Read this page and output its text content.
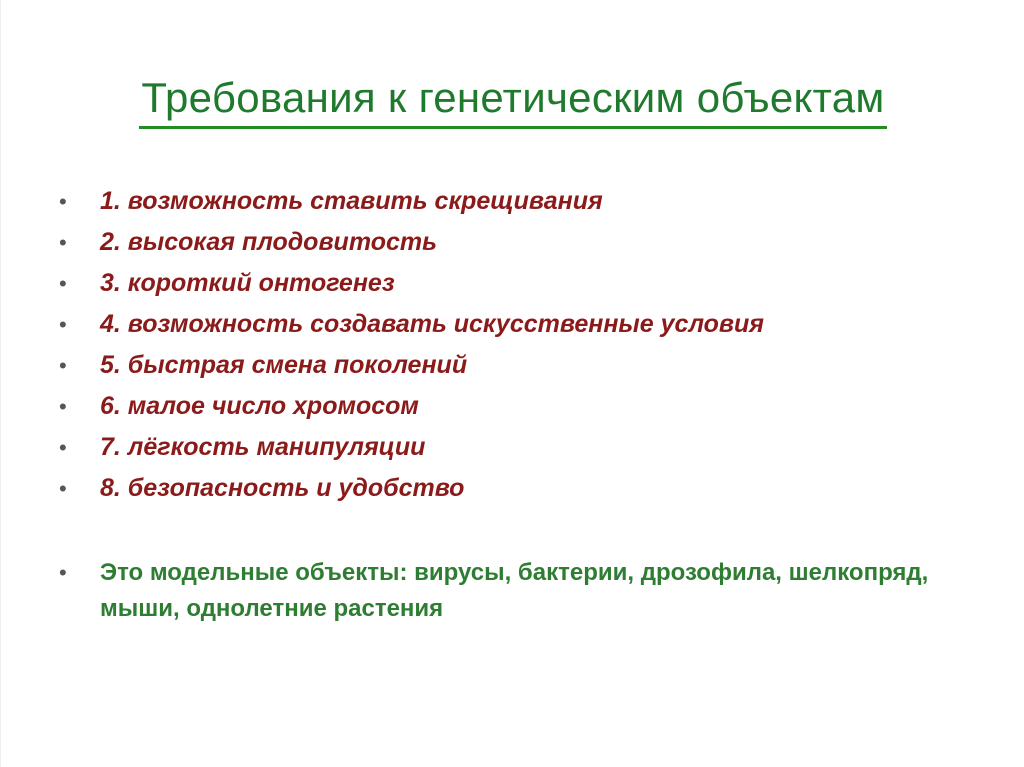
Требования к генетическим объектам
• 1. возможность ставить скрещивания
• 2. высокая плодовитость
• 3. короткий онтогенез
• 4. возможность создавать искусственные условия
• 5. быстрая смена поколений
• 6. малое число хромосом
• 7. лёгкость манипуляции
• 8. безопасность и удобство
•	Это модельные объекты: вирусы, бактерии, дрозофила, шелкопряд, мыши, однолетние растения
